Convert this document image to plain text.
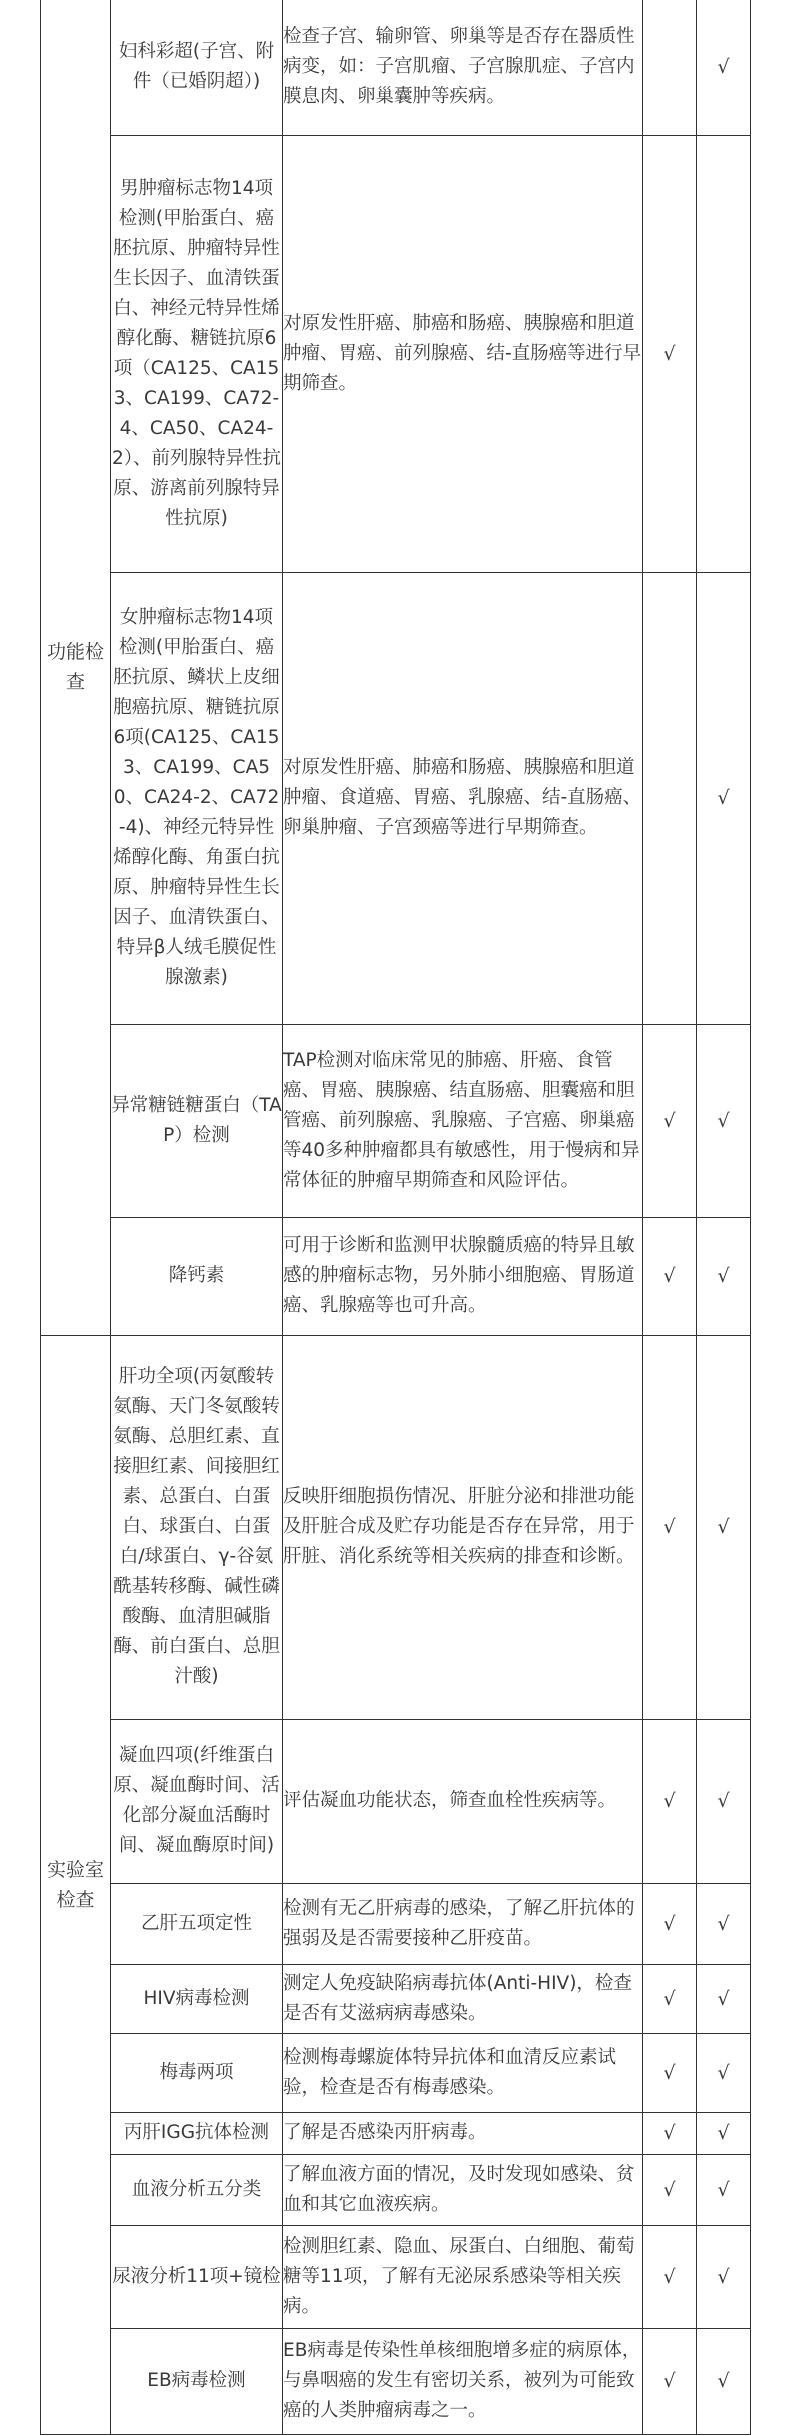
功能检查	妇科彩超(子宫、附件（已婚阴超）)	检查子宫、输卵管、卵巢等是否存在器质性病变，如：子宫肌瘤、子宫腺肌症、子宫内膜息肉、卵巢囊肿等疾病。		√
	男肿瘤标志物14项检测(甲胎蛋白、癌胚抗原、肿瘤特异性生长因子、血清铁蛋白、神经元特异性烯醇化酶、糖链抗原6项（CA125、CA153、CA199、CA72-4、CA50、CA24-2）、前列腺特异性抗原、游离前列腺特异性抗原)	对原发性肝癌、肺癌和肠癌、胰腺癌和胆道肿瘤、胃癌、前列腺癌、结-直肠癌等进行早期筛查。	√	
	女肿瘤标志物14项检测(甲胎蛋白、癌胚抗原、鳞状上皮细胞癌抗原、糖链抗原6项(CA125、CA153、CA199、CA50、CA24-2、CA72-4)、神经元特异性烯醇化酶、角蛋白抗原、肿瘤特异性生长因子、血清铁蛋白、特异β人绒毛膜促性腺激素)	对原发性肝癌、肺癌和肠癌、胰腺癌和胆道肿瘤、食道癌、胃癌、乳腺癌、结-直肠癌、卵巢肿瘤、子宫颈癌等进行早期筛查。		√
	异常糖链糖蛋白（TAP）检测	TAP检测对临床常见的肺癌、肝癌、食管癌、胃癌、胰腺癌、结直肠癌、胆囊癌和胆管癌、前列腺癌、乳腺癌、子宫癌、卵巢癌等40多种肿瘤都具有敏感性，用于慢病和异常体征的肿瘤早期筛查和风险评估。	√	√
	降钙素	可用于诊断和监测甲状腺髓质癌的特异且敏感的肿瘤标志物，另外肺小细胞癌、胃肠道癌、乳腺癌等也可升高。	√	√

实验室检查	肝功全项(丙氨酸转氨酶、天门冬氨酸转氨酶、总胆红素、直接胆红素、间接胆红素、总蛋白、白蛋白、球蛋白、白蛋白/球蛋白、γ-谷氨酰基转移酶、碱性磷酸酶、血清胆碱脂酶、前白蛋白、总胆汁酸)	反映肝细胞损伤情况、肝脏分泌和排泄功能及肝脏合成及贮存功能是否存在异常，用于肝脏、消化系统等相关疾病的排查和诊断。	√	√
	凝血四项(纤维蛋白原、凝血酶时间、活化部分凝血活酶时间、凝血酶原时间)	评估凝血功能状态，筛查血栓性疾病等。	√	√
	乙肝五项定性	检测有无乙肝病毒的感染，了解乙肝抗体的强弱及是否需要接种乙肝疫苗。	√	√
	HIV病毒检测	测定人免疫缺陷病毒抗体(Anti-HIV)，检查是否有艾滋病病毒感染。	√	√
	梅毒两项	检测梅毒螺旋体特异抗体和血清反应素试验，检查是否有梅毒感染。	√	√
	丙肝IGG抗体检测	了解是否感染丙肝病毒。	√	√
	血液分析五分类	了解血液方面的情况，及时发现如感染、贫血和其它血液疾病。	√	√
	尿液分析11项+镜检	检测胆红素、隐血、尿蛋白、白细胞、葡萄糖等11项，了解有无泌尿系感染等相关疾病。	√	√
	EB病毒检测	EB病毒是传染性单核细胞增多症的病原体，与鼻咽癌的发生有密切关系，被列为可能致癌的人类肿瘤病毒之一。	√	√
